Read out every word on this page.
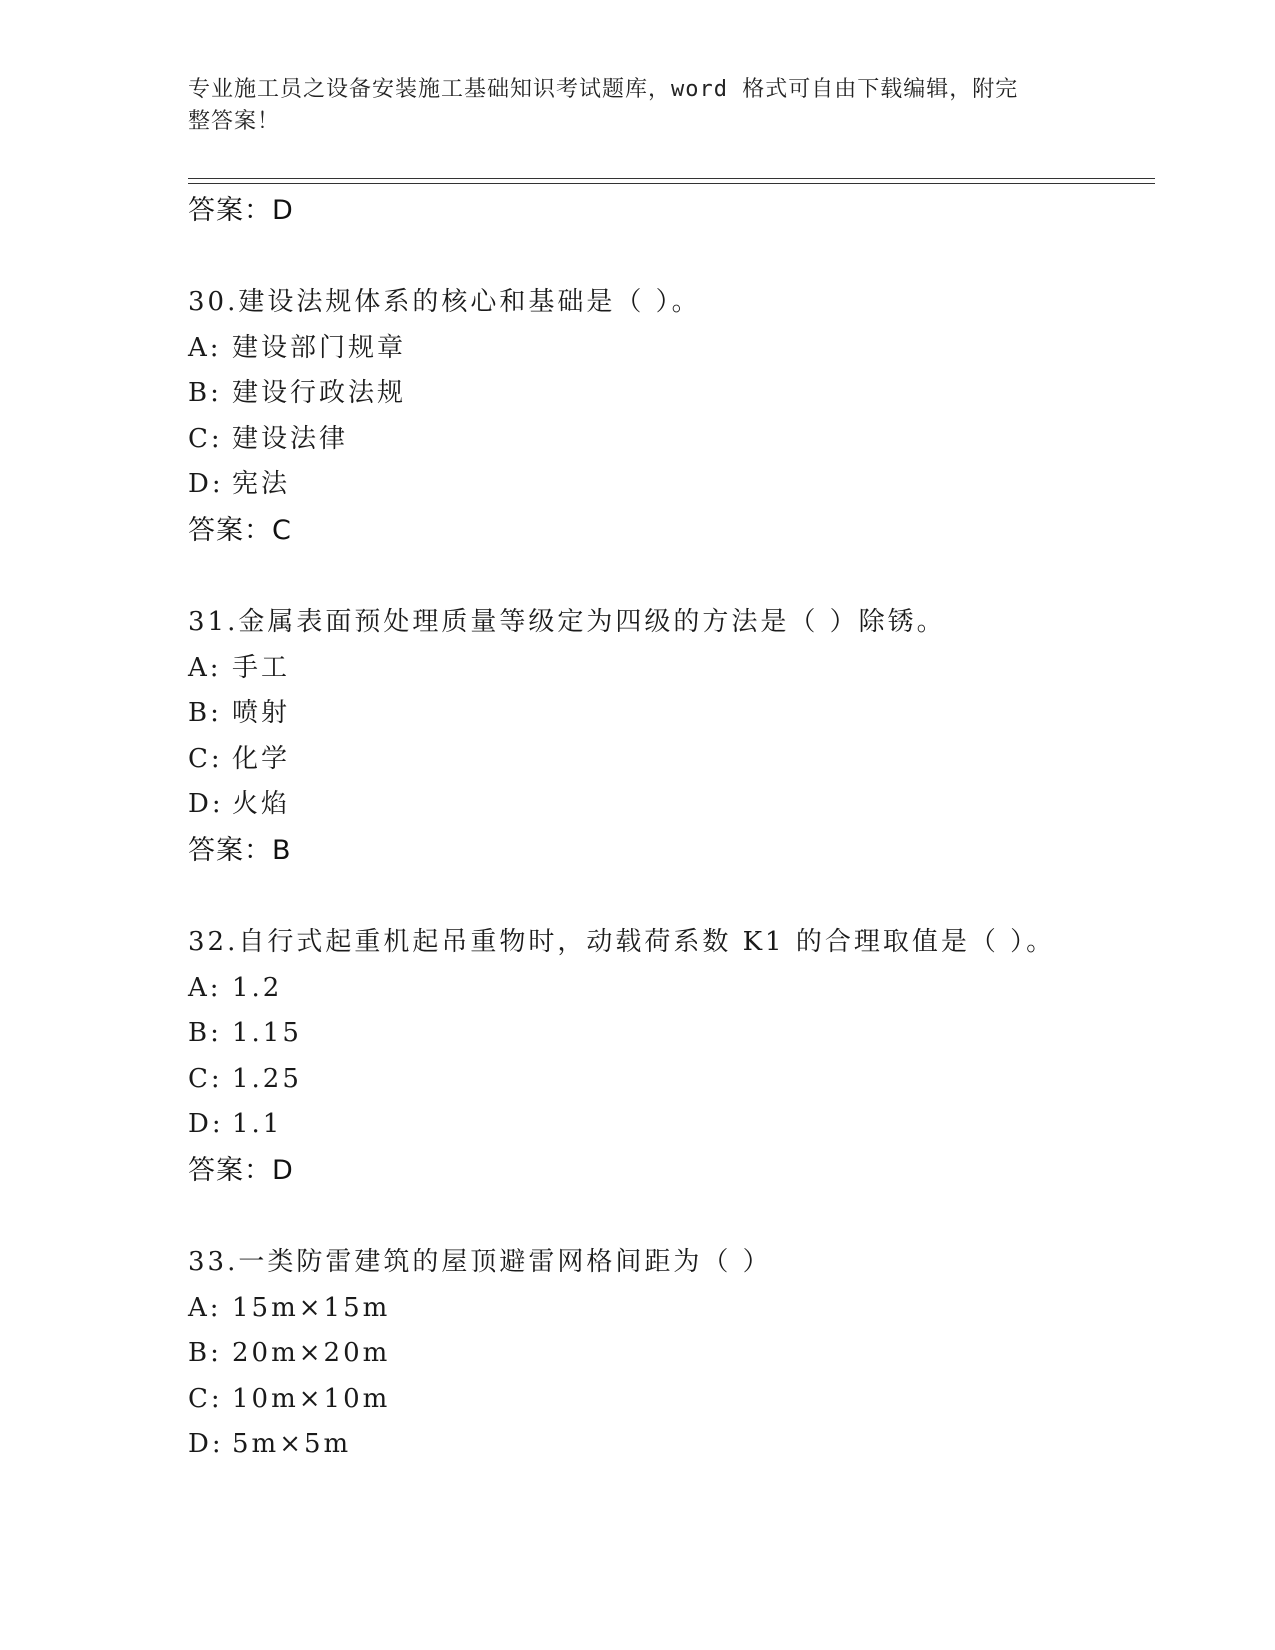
专业施工员之设备安装施工基础知识考试题库，word 格式可自由下载编辑，附完
整答案！
答案：D
30.建设法规体系的核心和基础是（ ）。
A: 建设部门规章
B: 建设行政法规
C: 建设法律
D: 宪法
答案：C
31.金属表面预处理质量等级定为四级的方法是（ ）除锈。
A: 手工
B: 喷射
C: 化学
D: 火焰
答案：B
32.自行式起重机起吊重物时，动载荷系数 K1 的合理取值是（ ）。
A: 1.2
B: 1.15
C: 1.25
D: 1.1
答案：D
33.一类防雷建筑的屋顶避雷网格间距为（ ）
A: 15m×15m
B: 20m×20m
C: 10m×10m
D: 5m×5m
